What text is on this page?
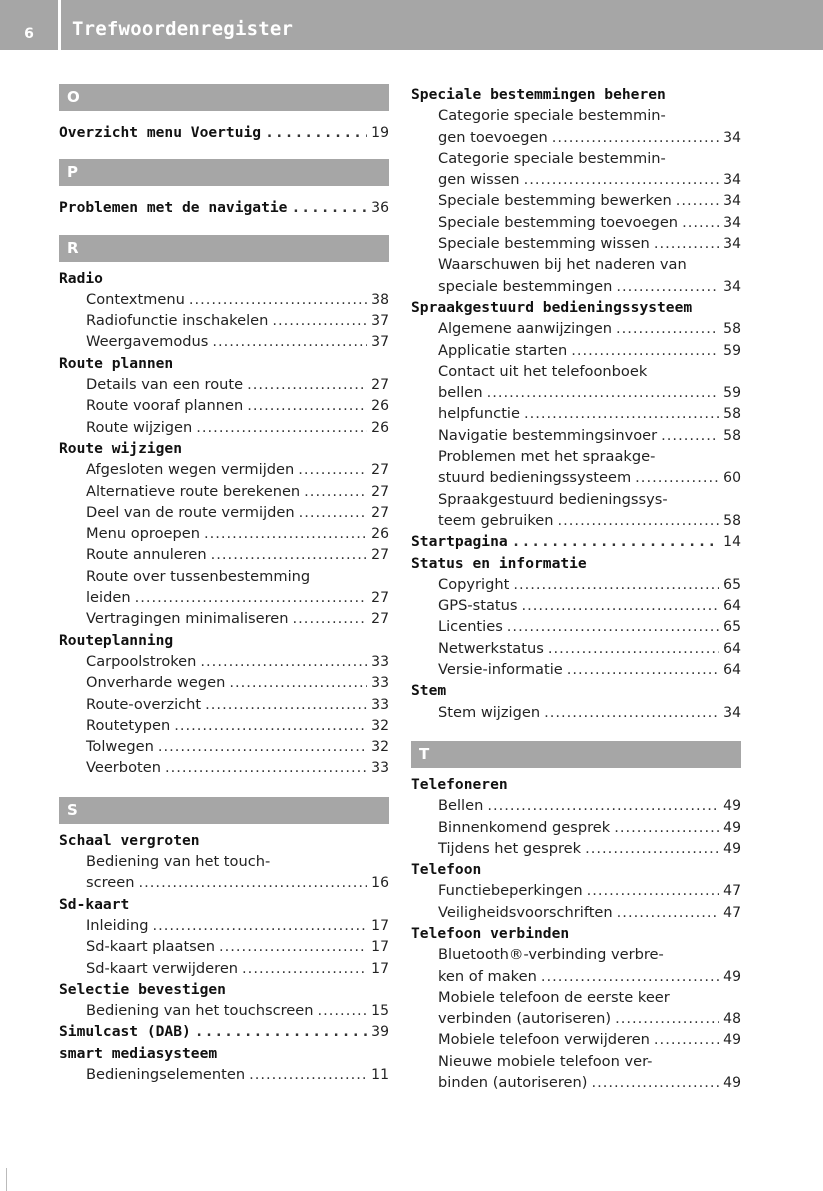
6	Trefwoordenregister
O
Overzicht menu Voertuig .....	19
P
Problemen met de navigatie .....	36
R
Radio
Contextmenu .....	38
Radiofunctie inschakelen .....	37
Weergavemodus .....	37
Route plannen
Details van een route .....	27
Route vooraf plannen .....	26
Route wijzigen .....	26
Route wijzigen
Afgesloten wegen vermijden .....	27
Alternatieve route berekenen .....	27
Deel van de route vermijden .....	27
Menu oproepen .....	26
Route annuleren .....	27
Route over tussenbestemming
leiden .....	27
Vertragingen minimaliseren .....	27
Routeplanning
Carpoolstroken .....	33
Onverharde wegen .....	33
Route-overzicht .....	33
Routetypen .....	32
Tolwegen .....	32
Veerboten .....	33
S
Schaal vergroten
Bediening van het touch-
screen .....	16
Sd-kaart
Inleiding .....	17
Sd-kaart plaatsen .....	17
Sd-kaart verwijderen .....	17
Selectie bevestigen
Bediening van het touchscreen .....	15
Simulcast (DAB) .....	39
smart mediasysteem
Bedieningselementen .....	11
Speciale bestemmingen beheren
Categorie speciale bestemmin-
gen toevoegen .....	34
Categorie speciale bestemmin-
gen wissen .....	34
Speciale bestemming bewerken .....	34
Speciale bestemming toevoegen .....	34
Speciale bestemming wissen .....	34
Waarschuwen bij het naderen van
speciale bestemmingen .....	34
Spraakgestuurd bedieningssysteem
Algemene aanwijzingen .....	58
Applicatie starten .....	59
Contact uit het telefoonboek
bellen .....	59
helpfunctie .....	58
Navigatie bestemmingsinvoer .....	58
Problemen met het spraakge-
stuurd bedieningssysteem .....	60
Spraakgestuurd bedieningssys-
teem gebruiken .....	58
Startpagina .....	14
Status en informatie
Copyright .....	65
GPS-status .....	64
Licenties .....	65
Netwerkstatus .....	64
Versie-informatie .....	64
Stem
Stem wijzigen .....	34
T
Telefoneren
Bellen .....	49
Binnenkomend gesprek .....	49
Tijdens het gesprek .....	49
Telefoon
Functiebeperkingen .....	47
Veiligheidsvoorschriften .....	47
Telefoon verbinden
Bluetooth®-verbinding verbre-
ken of maken .....	49
Mobiele telefoon de eerste keer
verbinden (autoriseren) .....	48
Mobiele telefoon verwijderen .....	49
Nieuwe mobiele telefoon ver-
binden (autoriseren) .....	49
